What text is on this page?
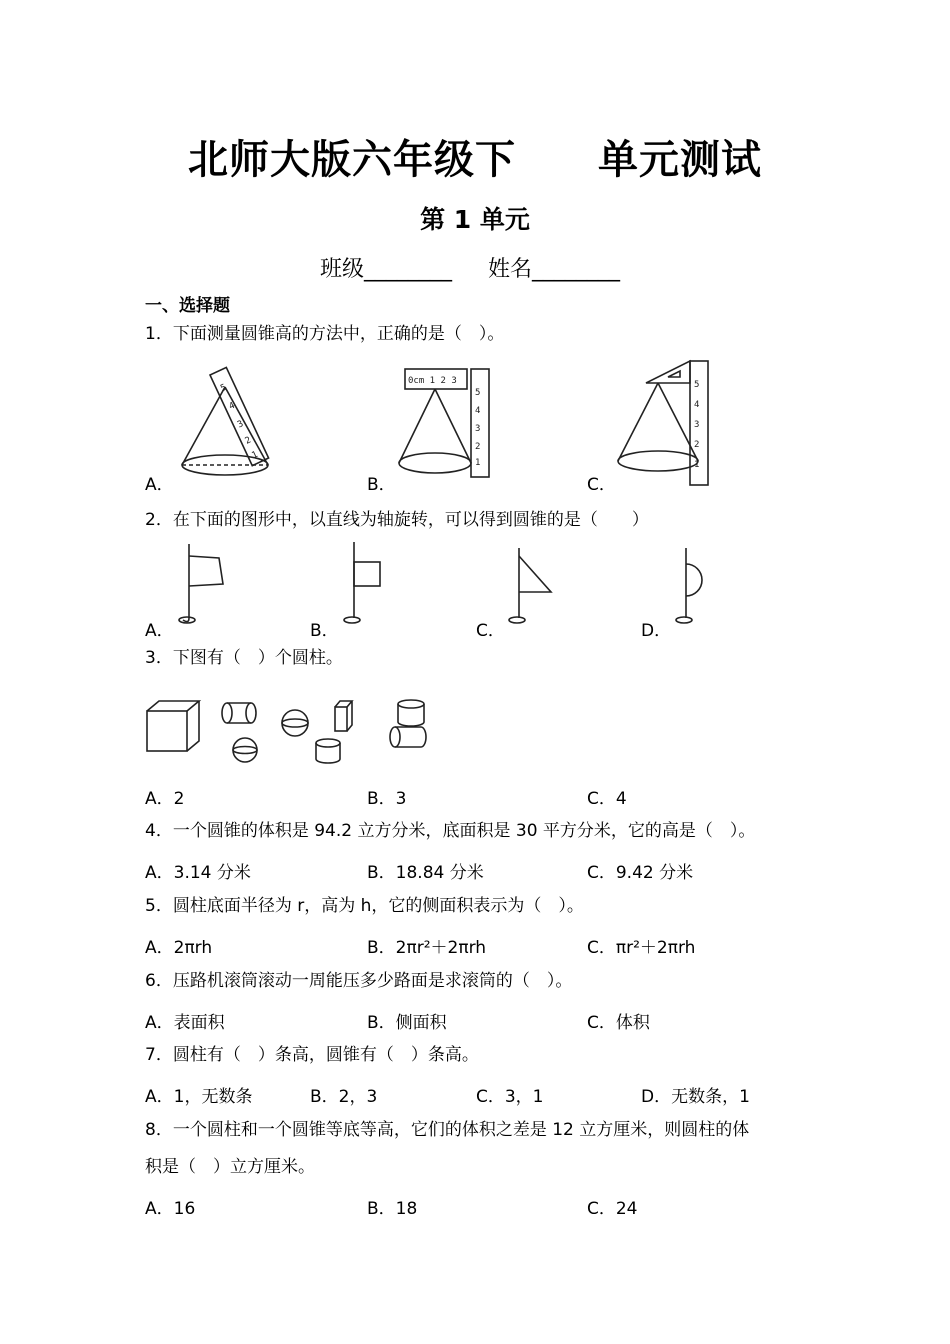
北师大版六年级下　　单元测试
第 1 单元
班级________ 姓名________
一、选择题
1．下面测量圆锥高的方法中，正确的是（　）。
5
4
3
2
1
A．
0cm 1 2 3
5
4
3
2
1
B．
5
4
3
2
1
C．
2．在下面的图形中，以直线为轴旋转，可以得到圆锥的是（　　）
A．	B．	C．	D．
3．下图有（　）个圆柱。
A．2	B．3	C．4
4．一个圆锥的体积是 94.2 立方分米，底面积是 30 平方分米，它的高是（　）。
A．3.14 分米	B．18.84 分米	C．9.42 分米
5．圆柱底面半径为 r，高为 h，它的侧面积表示为（　）。
A．2πrh	B．2πr²＋2πrh	C．πr²＋2πrh
6．压路机滚筒滚动一周能压多少路面是求滚筒的（　）。
A．表面积	B．侧面积	C．体积
7．圆柱有（　）条高，圆锥有（　）条高。
A．1，无数条	B．2，3	C．3，1	D．无数条，1
8．一个圆柱和一个圆锥等底等高，它们的体积之差是 12 立方厘米，则圆柱的体
积是（　）立方厘米。
A．16	B．18	C．24
